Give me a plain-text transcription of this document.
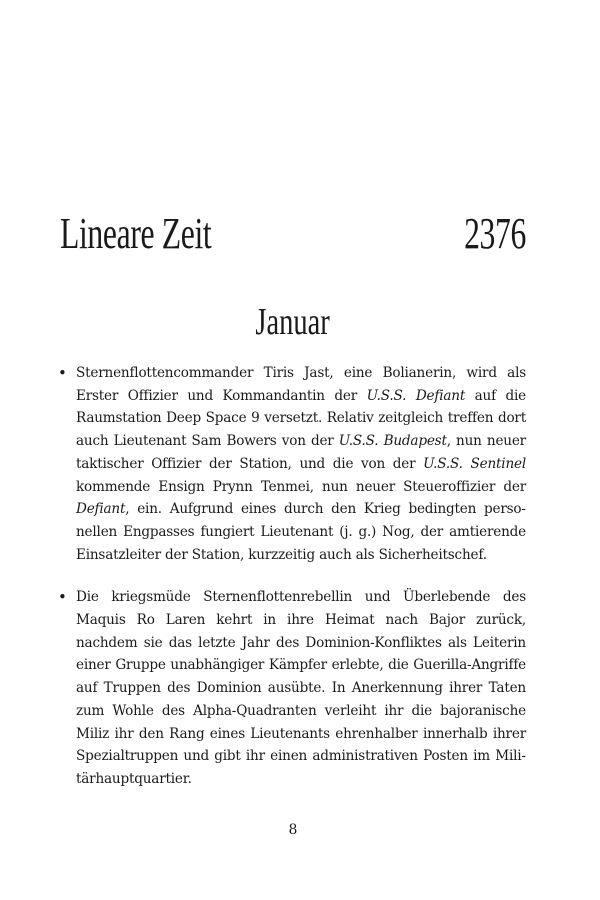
Lineare Zeit	2376
Januar
• Sternenflottencommander Tiris Jast, eine Bolianerin, wird als Erster Offizier und Kommandantin der U.S.S. Defiant auf die Raumstation Deep Space 9 versetzt. Relativ zeitgleich treffen dort auch Lieutenant Sam Bowers von der U.S.S. Budapest, nun neuer taktischer Offizier der Station, und die von der U.S.S. Sentinel kommende Ensign Prynn Tenmei, nun neuer Steueroffizier der Defiant, ein. Aufgrund eines durch den Krieg bedingten personellen Engpasses fungiert Lieutenant (j. g.) Nog, der amtierende Einsatzleiter der Station, kurzzeitig auch als Sicherheitschef.
• Die kriegsmüde Sternenflottenrebellin und Überlebende des Maquis Ro Laren kehrt in ihre Heimat nach Bajor zurück, nachdem sie das letzte Jahr des Dominion-Konfliktes als Leiterin einer Gruppe unabhängiger Kämpfer erlebte, die Guerilla-Angriffe auf Truppen des Dominion ausübte. In Anerkennung ihrer Taten zum Wohle des Alpha-Quadranten verleiht ihr die bajoranische Miliz ihr den Rang eines Lieutenants ehrenhalber innerhalb ihrer Spezialtruppen und gibt ihr einen administrativen Posten im Militärhauptquartier.
8
